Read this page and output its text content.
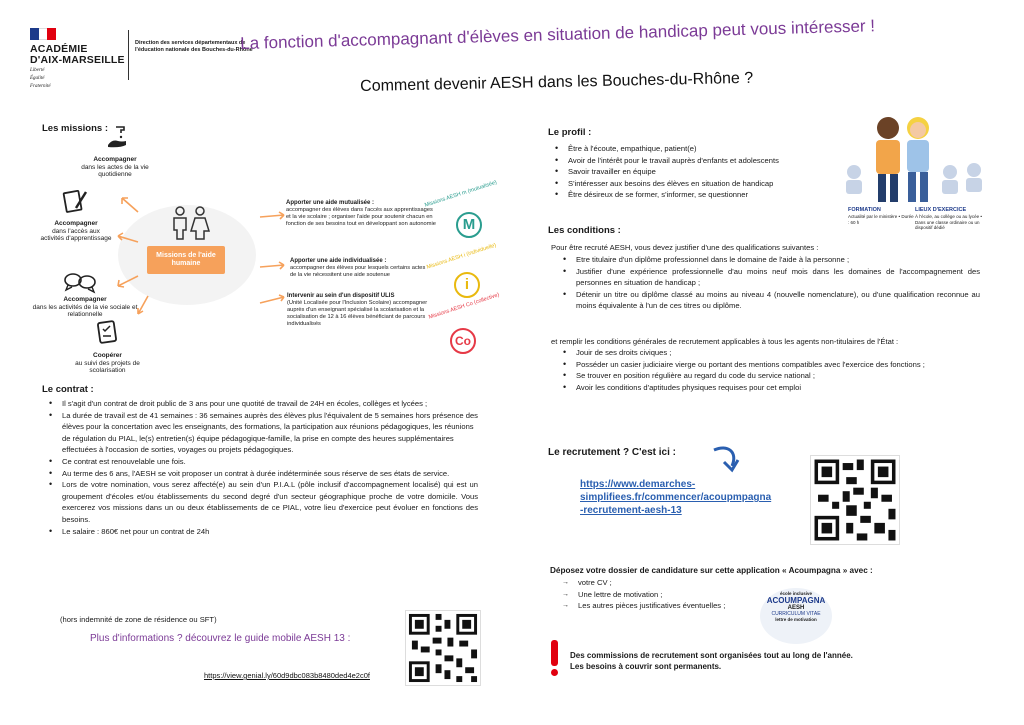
ACADÉMIE
D'AIX-MARSEILLE
Liberté
Égalité
Fraternité
Direction des services départementaux de l'éducation nationale des Bouches-du-Rhône
La fonction d'accompagnant d'élèves en situation de handicap peut vous intéresser !
Comment devenir AESH dans les Bouches-du-Rhône ?
Les missions :
Missions de l'aide humaine
Accompagner
dans les actes de la vie quotidienne
Accompagner
dans l'accès aux activités d'apprentissage
Accompagner
dans les activités de la vie sociale et relationnelle
Coopérer
au suivi des projets de scolarisation
Apporter une aide mutualisée :
accompagner des élèves dans l'accès aux apprentissages et la vie scolaire ; organiser l'aide pour soutenir chacun en fonction de ses besoins tout en développant son autonomie
Missions AESH m (mutualisée)
M
Apporter une aide individualisée :
accompagner des élèves pour lesquels certains actes de la vie nécessitent une aide soutenue
Missions AESH i (individuelle)
i
Intervenir au sein d'un dispositif ULIS
(Unité Localisée pour l'Inclusion Scolaire) accompagner auprès d'un enseignant spécialisé la scolarisation et la socialisation de 12 à 16 élèves bénéficiant de parcours individualisés
Missions AESH Co (collective)
Co
Le contrat :
• Il s'agit d'un contrat de droit public de 3 ans pour une quotité de travail de 24H en écoles, collèges et lycées ;
• La durée de travail est de 41 semaines : 36 semaines auprès des élèves plus l'équivalent de 5 semaines hors présence des élèves pour la concertation avec les enseignants, des formations, la participation aux réunions pédagogiques, les réunions de régulation du PIAL, le(s) entretien(s) équipe pédagogique-famille, la prise en compte des heures supplémentaires effectuées à l'occasion de sorties, voyages ou projets pédagogiques.
• Ce contrat est renouvelable une fois.
• Au terme des 6 ans, l'AESH se voit proposer un contrat à durée indéterminée sous réserve de ses états de service.
• Lors de votre nomination, vous serez affecté(e) au sein d'un P.I.A.L (pôle inclusif d'accompagnement localisé) qui est un groupement d'écoles et/ou établissements du second degré d'un secteur géographique proche de votre domicile. Vous exercerez vos missions dans un ou deux établissements de ce PIAL, votre lieu d'exercice peut évoluer en fonctions des besoins.
• Le salaire : 860€ net pour un contrat de 24h
(hors indemnité de zone de résidence ou SFT)
Plus d'informations ? découvrez le guide mobile AESH 13 :
https://view.genial.ly/60d9dbc083b8480ded4e2c0f
Le profil :
• Être à l'écoute, empathique, patient(e)
• Avoir de l'intérêt pour le travail auprès d'enfants et adolescents
• Savoir travailler en équipe
• S'intéresser aux besoins des élèves en situation de handicap
• Être désireux de se former, s'informer, se questionner
FORMATION
Actualité par le ministère • Durée : 60 h
LIEUX D'EXERCICE
À l'école, au collège ou au lycée • Dans une classe ordinaire ou un dispositif dédié
Les conditions :
Pour être recruté AESH, vous devez justifier d'une des qualifications suivantes :
• Etre titulaire d'un diplôme professionnel dans le domaine de l'aide à la personne ;
• Justifier d'une expérience professionnelle d'au moins neuf mois dans les domaines de l'accompagnement des personnes en situation de handicap ;
• Détenir un titre ou diplôme classé au moins au niveau 4 (nouvelle nomenclature), ou d'une qualification reconnue au moins équivalente à l'un de ces titres ou diplôme.
et remplir les conditions générales de recrutement applicables à tous les agents non-titulaires de l'État :
• Jouir de ses droits civiques ;
• Posséder un casier judiciaire vierge ou portant des mentions compatibles avec l'exercice des fonctions ;
• Se trouver en position régulière au regard du code du service national ;
• Avoir les conditions d'aptitudes physiques requises pour cet emploi
Le recrutement ? C'est ici :
https://www.demarches-
simplifiees.fr/commencer/acoupmpagna
-recrutement-aesh-13
Déposez votre dossier de candidature sur cette application « Acoumpagna » avec :
→ votre CV ;
→ Une lettre de motivation ;
→ Les autres pièces justificatives éventuelles ;
école inclusive
ACOUMPAGNA
AESH
CURRICULUM VITAE
lettre de motivation
Des commissions de recrutement sont organisées tout au long de l'année.
Les besoins à couvrir sont permanents.
